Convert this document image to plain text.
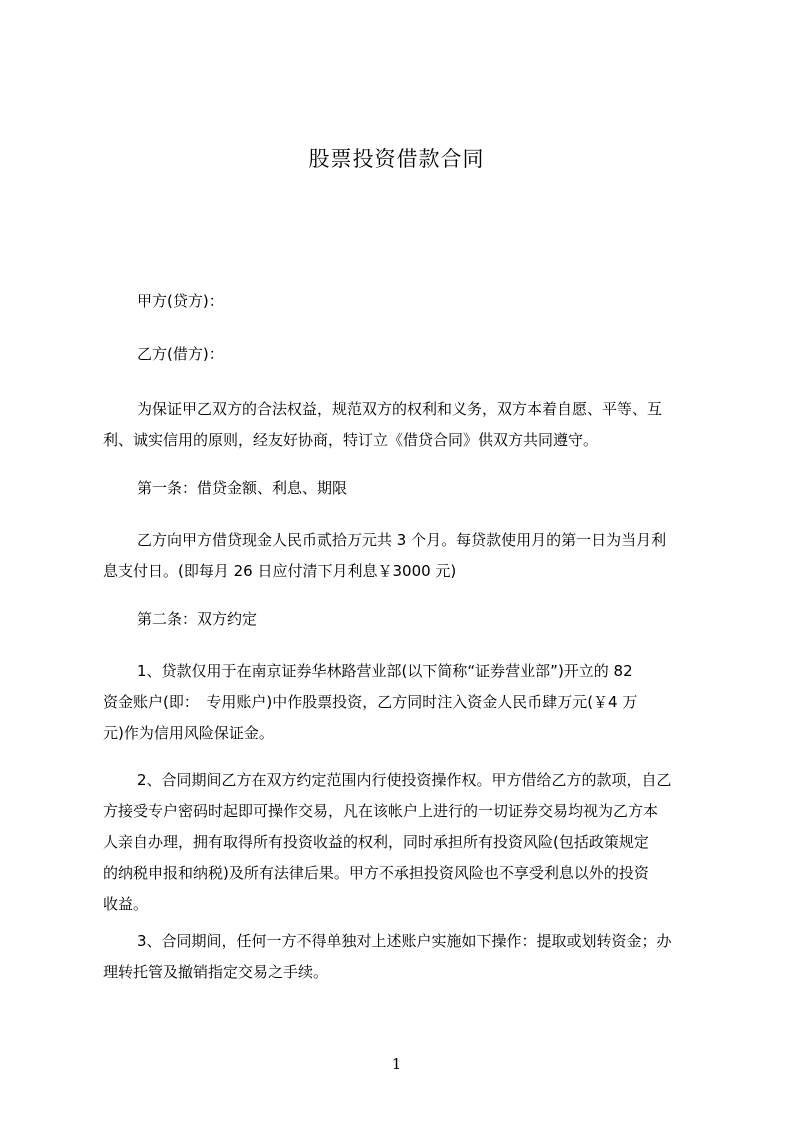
股票投资借款合同
甲方(贷方)：
乙方(借方)：
为保证甲乙双方的合法权益，规范双方的权利和义务，双方本着自愿、平等、互
利、诚实信用的原则，经友好协商，特订立《借贷合同》供双方共同遵守。
第一条：借贷金额、利息、期限
乙方向甲方借贷现金人民币贰拾万元共 3 个月。每贷款使用月的第一日为当月利
息支付日。(即每月 26 日应付清下月利息￥3000 元)
第二条：双方约定
1、贷款仅用于在南京证券华林路营业部(以下简称“证券营业部”)开立的 82
资金账户(即：　专用账户)中作股票投资，乙方同时注入资金人民币肆万元(￥4 万
元)作为信用风险保证金。
2、合同期间乙方在双方约定范围内行使投资操作权。甲方借给乙方的款项，自乙
方接受专户密码时起即可操作交易，凡在该帐户上进行的一切证券交易均视为乙方本
人亲自办理，拥有取得所有投资收益的权利，同时承担所有投资风险(包括政策规定
的纳税申报和纳税)及所有法律后果。甲方不承担投资风险也不享受利息以外的投资
收益。
3、合同期间，任何一方不得单独对上述账户实施如下操作：提取或划转资金；办
理转托管及撤销指定交易之手续。
1
